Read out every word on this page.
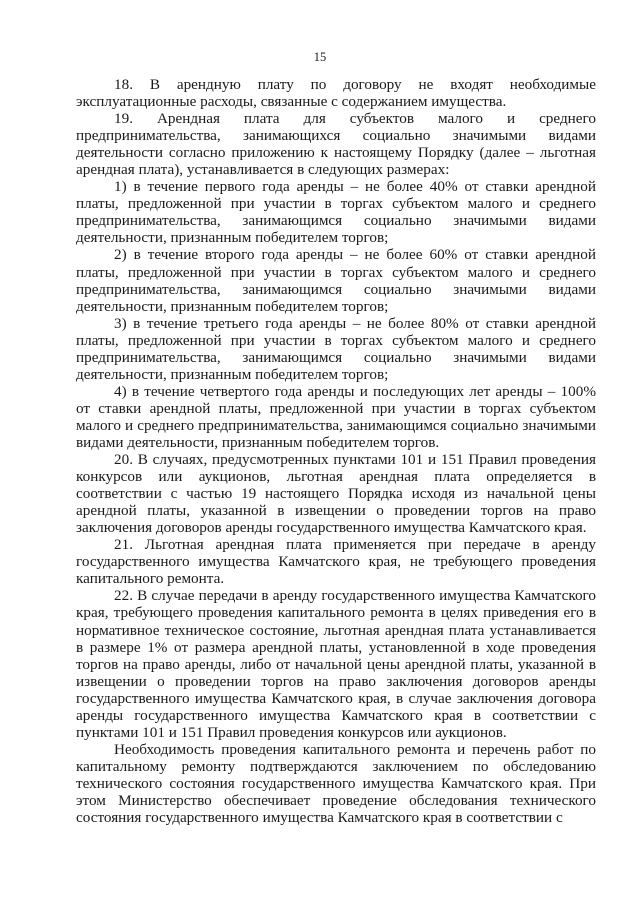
15

18. В арендную плату по договору не входят необходимые эксплуатационные расходы, связанные с содержанием имущества.

19. Арендная плата для субъектов малого и среднего предпринимательства, занимающихся социально значимыми видами деятельности согласно приложению к настоящему Порядку (далее – льготная арендная плата), устанавливается в следующих размерах:

1) в течение первого года аренды – не более 40% от ставки арендной платы, предложенной при участии в торгах субъектом малого и среднего предпринимательства, занимающимся социально значимыми видами деятельности, признанным победителем торгов;

2) в течение второго года аренды – не более 60% от ставки арендной платы, предложенной при участии в торгах субъектом малого и среднего предпринимательства, занимающимся социально значимыми видами деятельности, признанным победителем торгов;

3) в течение третьего года аренды – не более 80% от ставки арендной платы, предложенной при участии в торгах субъектом малого и среднего предпринимательства, занимающимся социально значимыми видами деятельности, признанным победителем торгов;

4) в течение четвертого года аренды и последующих лет аренды – 100% от ставки арендной платы, предложенной при участии в торгах субъектом малого и среднего предпринимательства, занимающимся социально значимыми видами деятельности, признанным победителем торгов.

20. В случаях, предусмотренных пунктами 101 и 151 Правил проведения конкурсов или аукционов, льготная арендная плата определяется в соответствии с частью 19 настоящего Порядка исходя из начальной цены арендной платы, указанной в извещении о проведении торгов на право заключения договоров аренды государственного имущества Камчатского края.

21. Льготная арендная плата применяется при передаче в аренду государственного имущества Камчатского края, не требующего проведения капитального ремонта.

22. В случае передачи в аренду государственного имущества Камчатского края, требующего проведения капитального ремонта в целях приведения его в нормативное техническое состояние, льготная арендная плата устанавливается в размере 1% от размера арендной платы, установленной в ходе проведения торгов на право аренды, либо от начальной цены арендной платы, указанной в извещении о проведении торгов на право заключения договоров аренды государственного имущества Камчатского края, в случае заключения договора аренды государственного имущества Камчатского края в соответствии с пунктами 101 и 151 Правил проведения конкурсов или аукционов.

Необходимость проведения капитального ремонта и перечень работ по капитальному ремонту подтверждаются заключением по обследованию технического состояния государственного имущества Камчатского края. При этом Министерство обеспечивает проведение обследования технического состояния государственного имущества Камчатского края в соответствии с
